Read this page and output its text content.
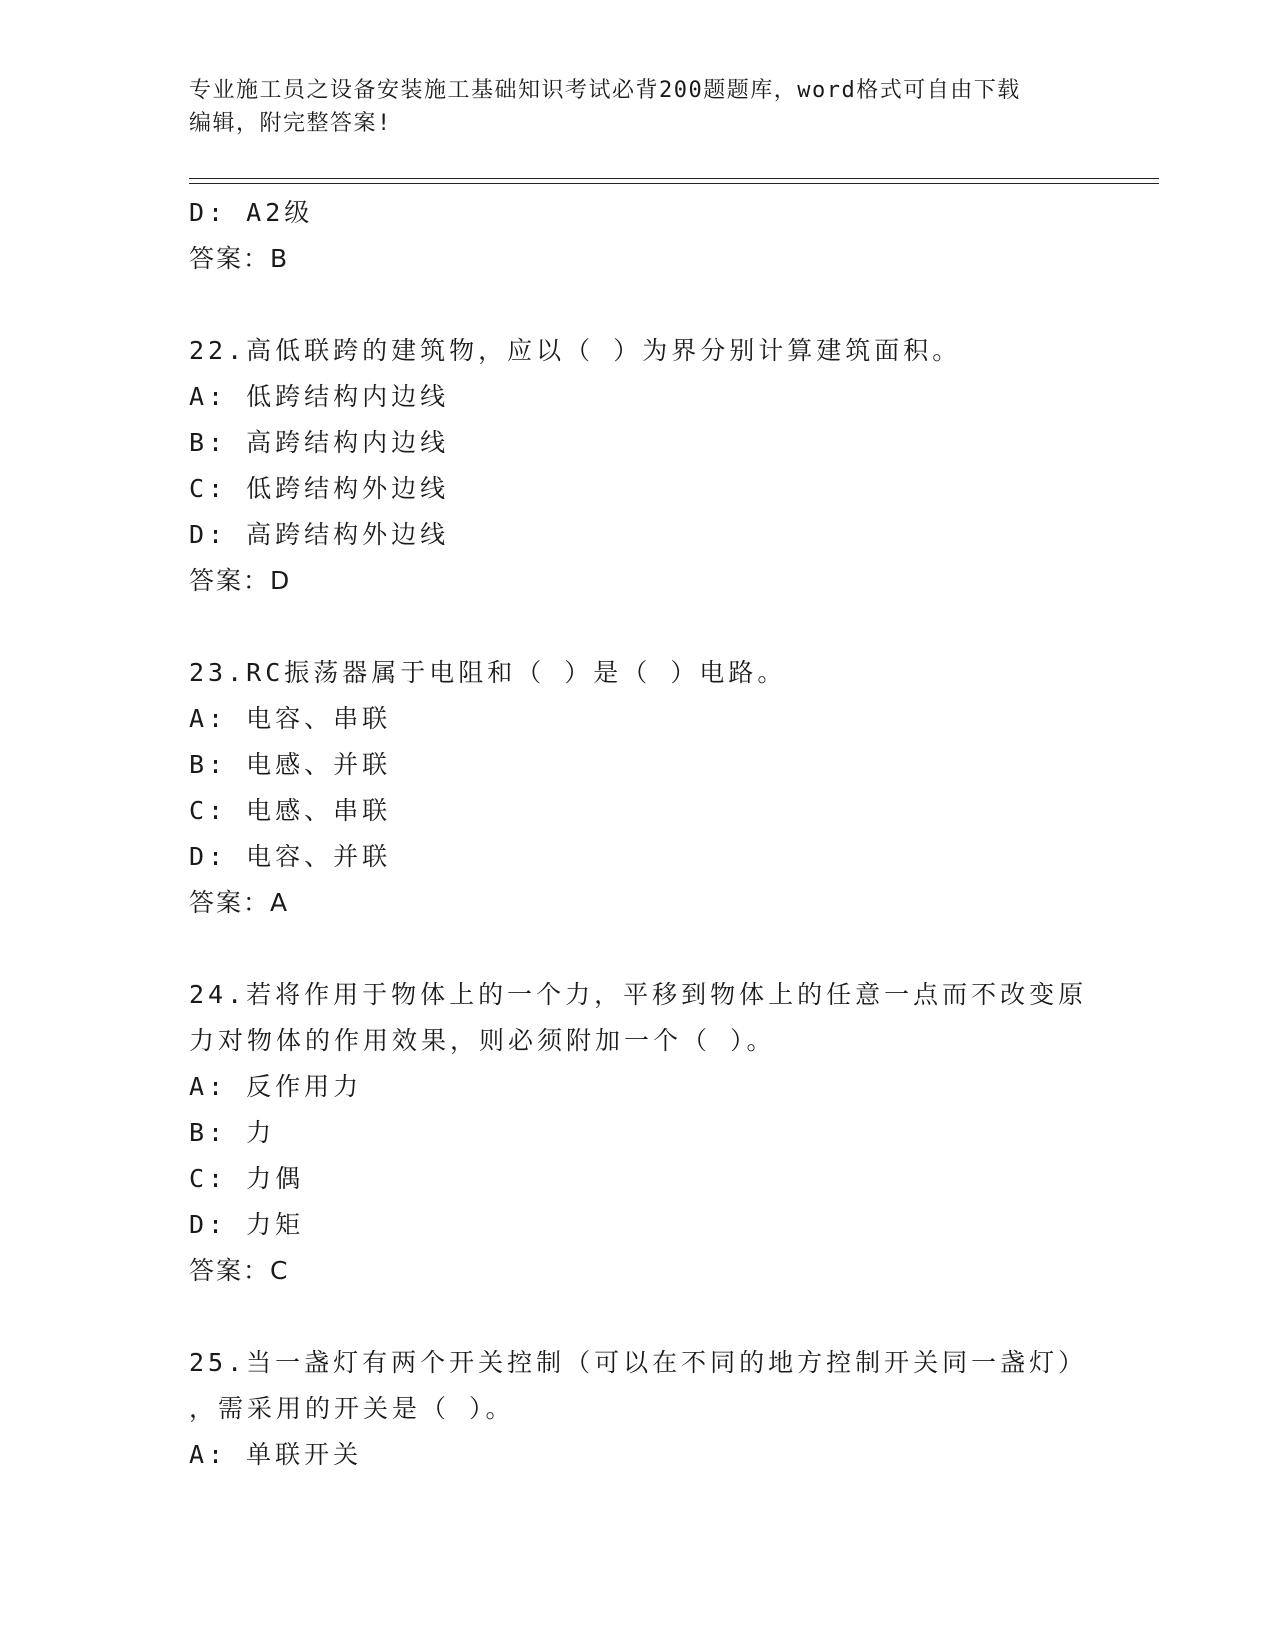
专业施工员之设备安装施工基础知识考试必背200题题库，word格式可自由下载
编辑，附完整答案!
D: A2级
答案：B
22.高低联跨的建筑物，应以（ ）为界分别计算建筑面积。
A: 低跨结构内边线
B: 高跨结构内边线
C: 低跨结构外边线
D: 高跨结构外边线
答案：D
23.RC振荡器属于电阻和（ ）是（ ）电路。
A: 电容、串联
B: 电感、并联
C: 电感、串联
D: 电容、并联
答案：A
24.若将作用于物体上的一个力，平移到物体上的任意一点而不改变原
力对物体的作用效果，则必须附加一个（ ）。
A: 反作用力
B: 力
C: 力偶
D: 力矩
答案：C
25.当一盏灯有两个开关控制（可以在不同的地方控制开关同一盏灯）
，需采用的开关是（ ）。
A: 单联开关
